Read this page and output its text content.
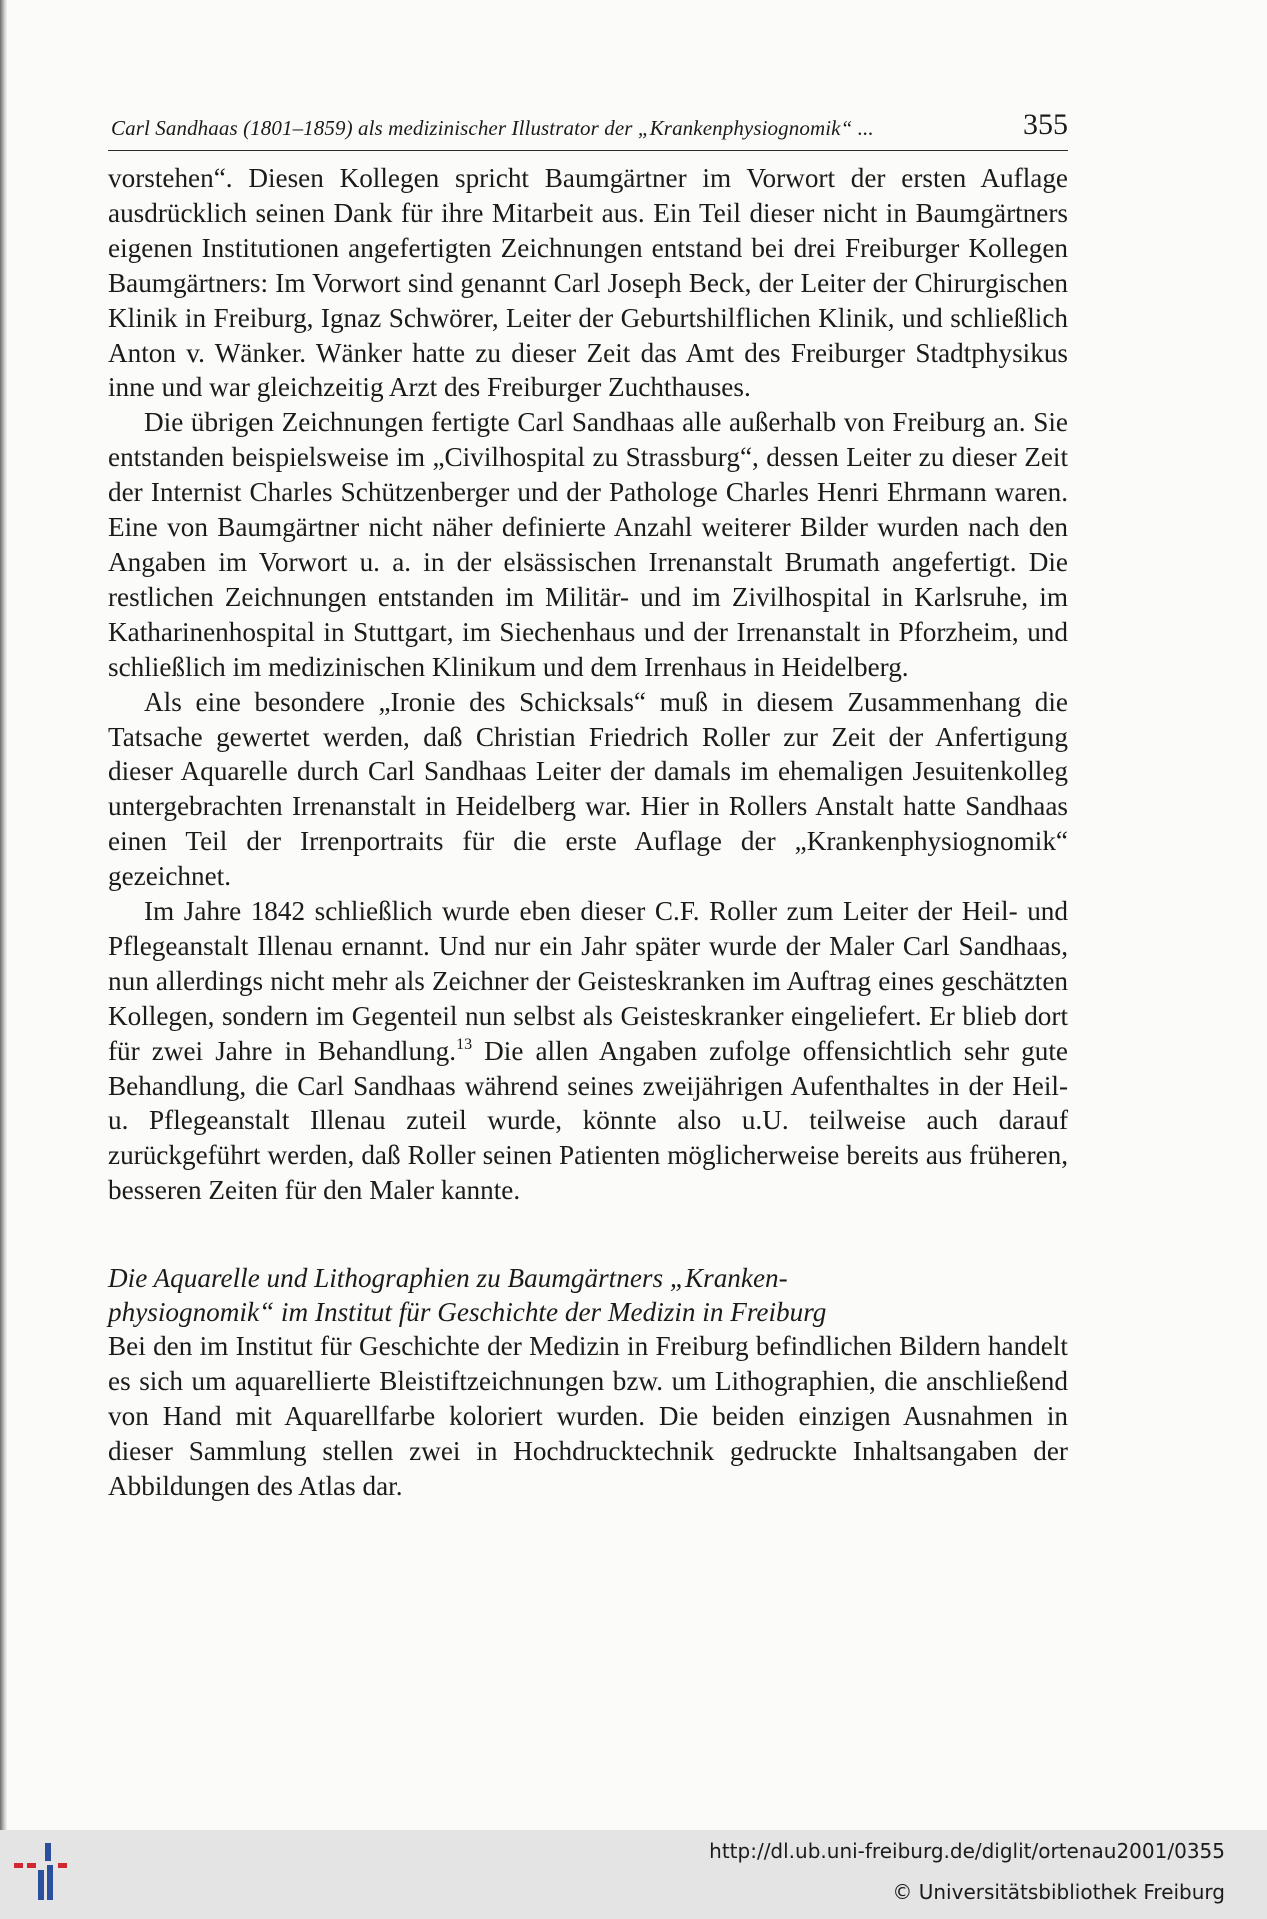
Carl Sandhaas (1801–1859) als medizinischer Illustrator der „Krankenphysiognomik“ ...	355

vorstehen“. Diesen Kollegen spricht Baumgärtner im Vorwort der ersten Auflage ausdrücklich seinen Dank für ihre Mitarbeit aus. Ein Teil dieser nicht in Baumgärtners eigenen Institutionen angefertigten Zeichnungen entstand bei drei Freiburger Kollegen Baumgärtners: Im Vorwort sind genannt Carl Joseph Beck, der Leiter der Chirurgischen Klinik in Freiburg, Ignaz Schwörer, Leiter der Geburtshilflichen Klinik, und schließlich Anton v. Wänker. Wänker hatte zu dieser Zeit das Amt des Freiburger Stadtphysikus inne und war gleichzeitig Arzt des Freiburger Zuchthauses.

Die übrigen Zeichnungen fertigte Carl Sandhaas alle außerhalb von Freiburg an. Sie entstanden beispielsweise im „Civilhospital zu Strassburg“, dessen Leiter zu dieser Zeit der Internist Charles Schützenberger und der Pathologe Charles Henri Ehrmann waren. Eine von Baumgärtner nicht näher definierte Anzahl weiterer Bilder wurden nach den Angaben im Vorwort u. a. in der elsässischen Irrenanstalt Brumath angefertigt. Die restlichen Zeichnungen entstanden im Militär- und im Zivilhospital in Karlsruhe, im Katharinenhospital in Stuttgart, im Siechenhaus und der Irrenanstalt in Pforzheim, und schließlich im medizinischen Klinikum und dem Irrenhaus in Heidelberg.

Als eine besondere „Ironie des Schicksals“ muß in diesem Zusammenhang die Tatsache gewertet werden, daß Christian Friedrich Roller zur Zeit der Anfertigung dieser Aquarelle durch Carl Sandhaas Leiter der damals im ehemaligen Jesuitenkolleg untergebrachten Irrenanstalt in Heidelberg war. Hier in Rollers Anstalt hatte Sandhaas einen Teil der Irrenportraits für die erste Auflage der „Krankenphysiognomik“ gezeichnet.

Im Jahre 1842 schließlich wurde eben dieser C.F. Roller zum Leiter der Heil- und Pflegeanstalt Illenau ernannt. Und nur ein Jahr später wurde der Maler Carl Sandhaas, nun allerdings nicht mehr als Zeichner der Geisteskranken im Auftrag eines geschätzten Kollegen, sondern im Gegenteil nun selbst als Geisteskranker eingeliefert. Er blieb dort für zwei Jahre in Behandlung.$^{13}$ Die allen Angaben zufolge offensichtlich sehr gute Behandlung, die Carl Sandhaas während seines zweijährigen Aufenthaltes in der Heil- u. Pflegeanstalt Illenau zuteil wurde, könnte also u.U. teilweise auch darauf zurückgeführt werden, daß Roller seinen Patienten möglicherweise bereits aus früheren, besseren Zeiten für den Maler kannte.

Die Aquarelle und Lithographien zu Baumgärtners „Kranken-
physiognomik“ im Institut für Geschichte der Medizin in Freiburg

Bei den im Institut für Geschichte der Medizin in Freiburg befindlichen Bildern handelt es sich um aquarellierte Bleistiftzeichnungen bzw. um Lithographien, die anschließend von Hand mit Aquarellfarbe koloriert wurden. Die beiden einzigen Ausnahmen in dieser Sammlung stellen zwei in Hochdrucktechnik gedruckte Inhaltsangaben der Abbildungen des Atlas dar.

http://dl.ub.uni-freiburg.de/diglit/ortenau2001/0355
© Universitätsbibliothek Freiburg
